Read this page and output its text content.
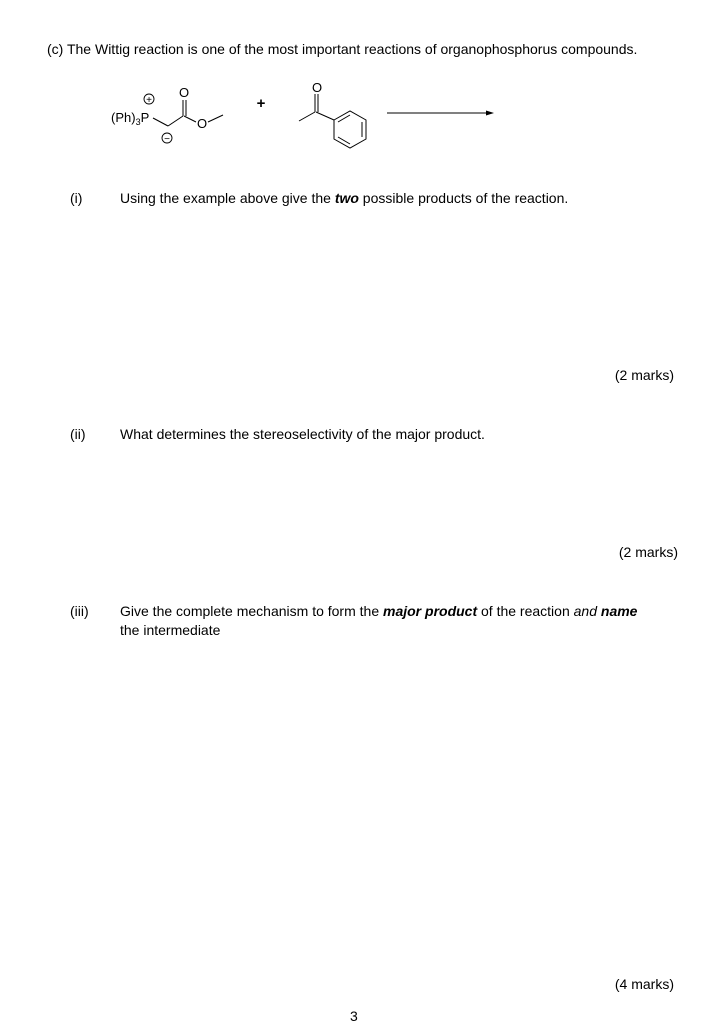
(c) The Wittig reaction is one of the most important reactions of organophosphorus compounds.
$(Ph)_3P$
+
−
O
O
+
O
(i)	Using the example above give the two possible products of the reaction.
(2 marks)
(ii) What determines the stereoselectivity of the major product.
(2 marks)
(iii) Give the complete mechanism to form the major product of the reaction and name
the intermediate
(4 marks)
3
